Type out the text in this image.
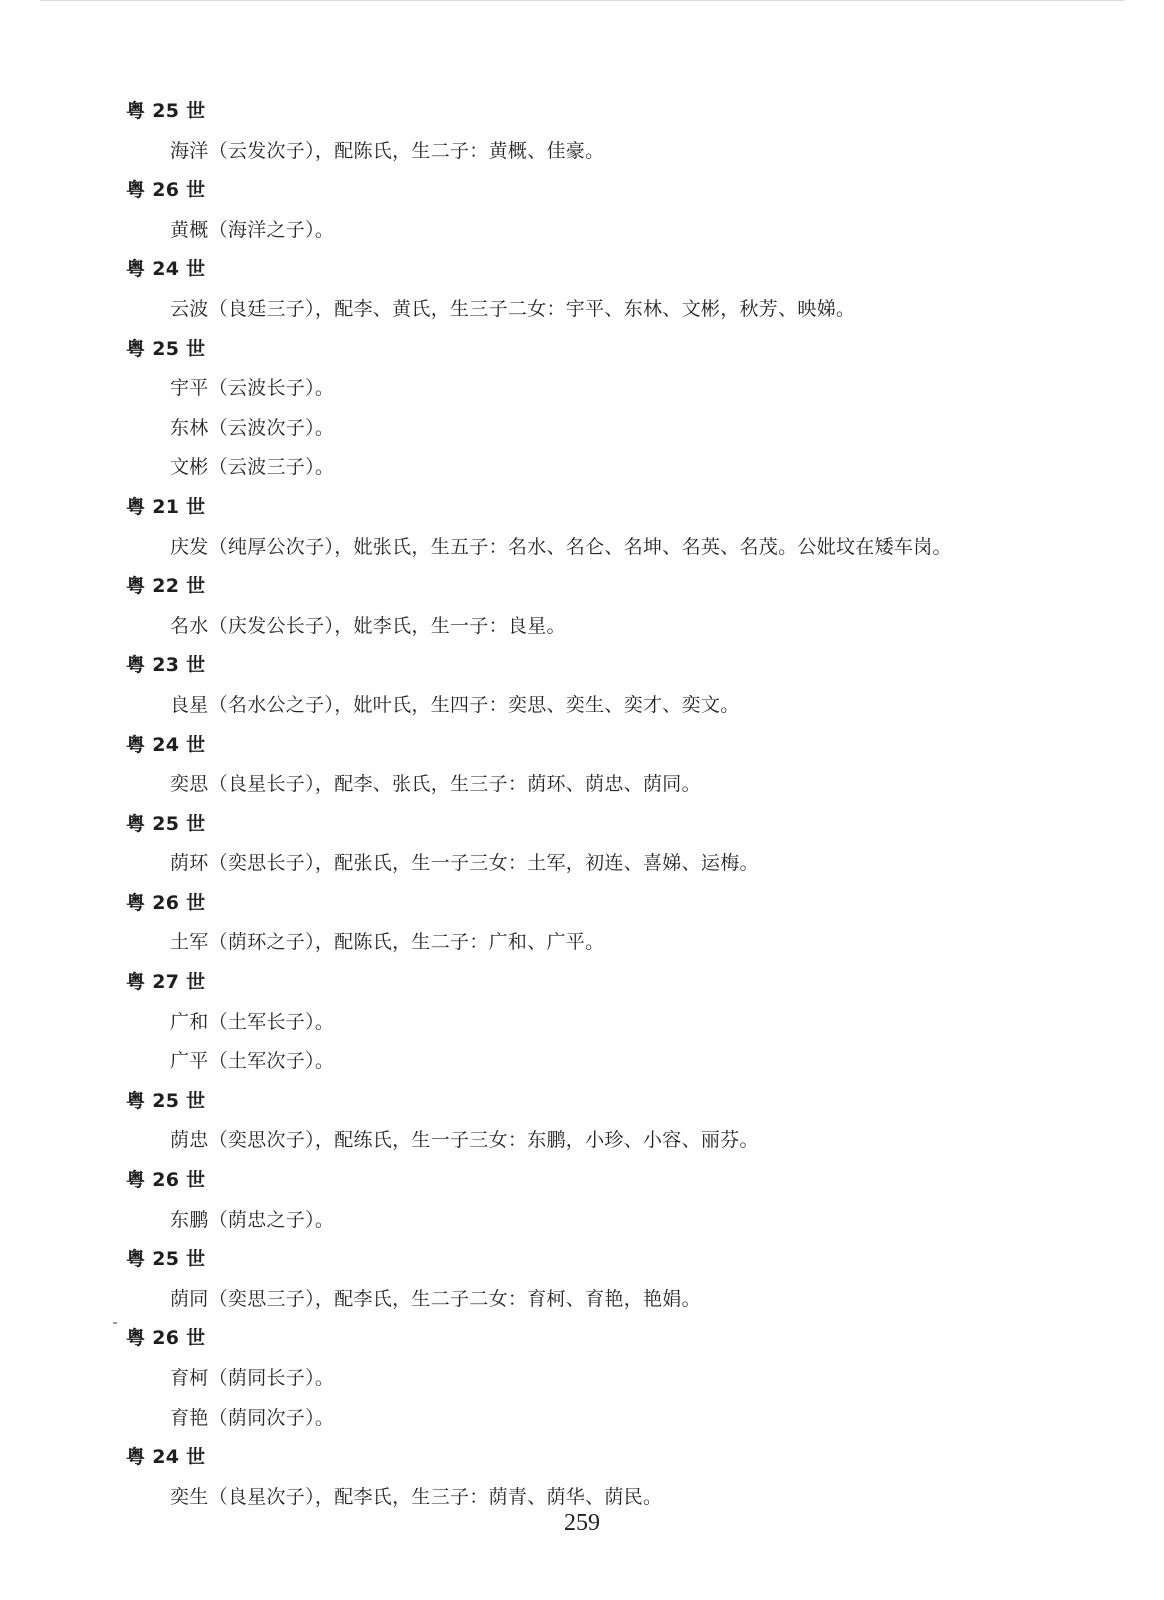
粤 25 世
海洋（云发次子），配陈氏，生二子：黄概、佳豪。
粤 26 世
黄概（海洋之子）。
粤 24 世
云波（良廷三子），配李、黄氏，生三子二女：宇平、东林、文彬，秋芳、映娣。
粤 25 世
宇平（云波长子）。
东林（云波次子）。
文彬（云波三子）。
粤 21 世
庆发（纯厚公次子），妣张氏，生五子：名水、名仑、名坤、名英、名茂。公妣坟在矮车岗。
粤 22 世
名水（庆发公长子），妣李氏，生一子：良星。
粤 23 世
良星（名水公之子），妣叶氏，生四子：奕思、奕生、奕才、奕文。
粤 24 世
奕思（良星长子），配李、张氏，生三子：荫环、荫忠、荫同。
粤 25 世
荫环（奕思长子），配张氏，生一子三女：土军，初连、喜娣、运梅。
粤 26 世
土军（荫环之子），配陈氏，生二子：广和、广平。
粤 27 世
广和（土军长子）。
广平（土军次子）。
粤 25 世
荫忠（奕思次子），配练氏，生一子三女：东鹏，小珍、小容、丽芬。
粤 26 世
东鹏（荫忠之子）。
粤 25 世
荫同（奕思三子），配李氏，生二子二女：育柯、育艳，艳娟。
粤 26 世
育柯（荫同长子）。
育艳（荫同次子）。
粤 24 世
奕生（良星次子），配李氏，生三子：荫青、荫华、荫民。
259
